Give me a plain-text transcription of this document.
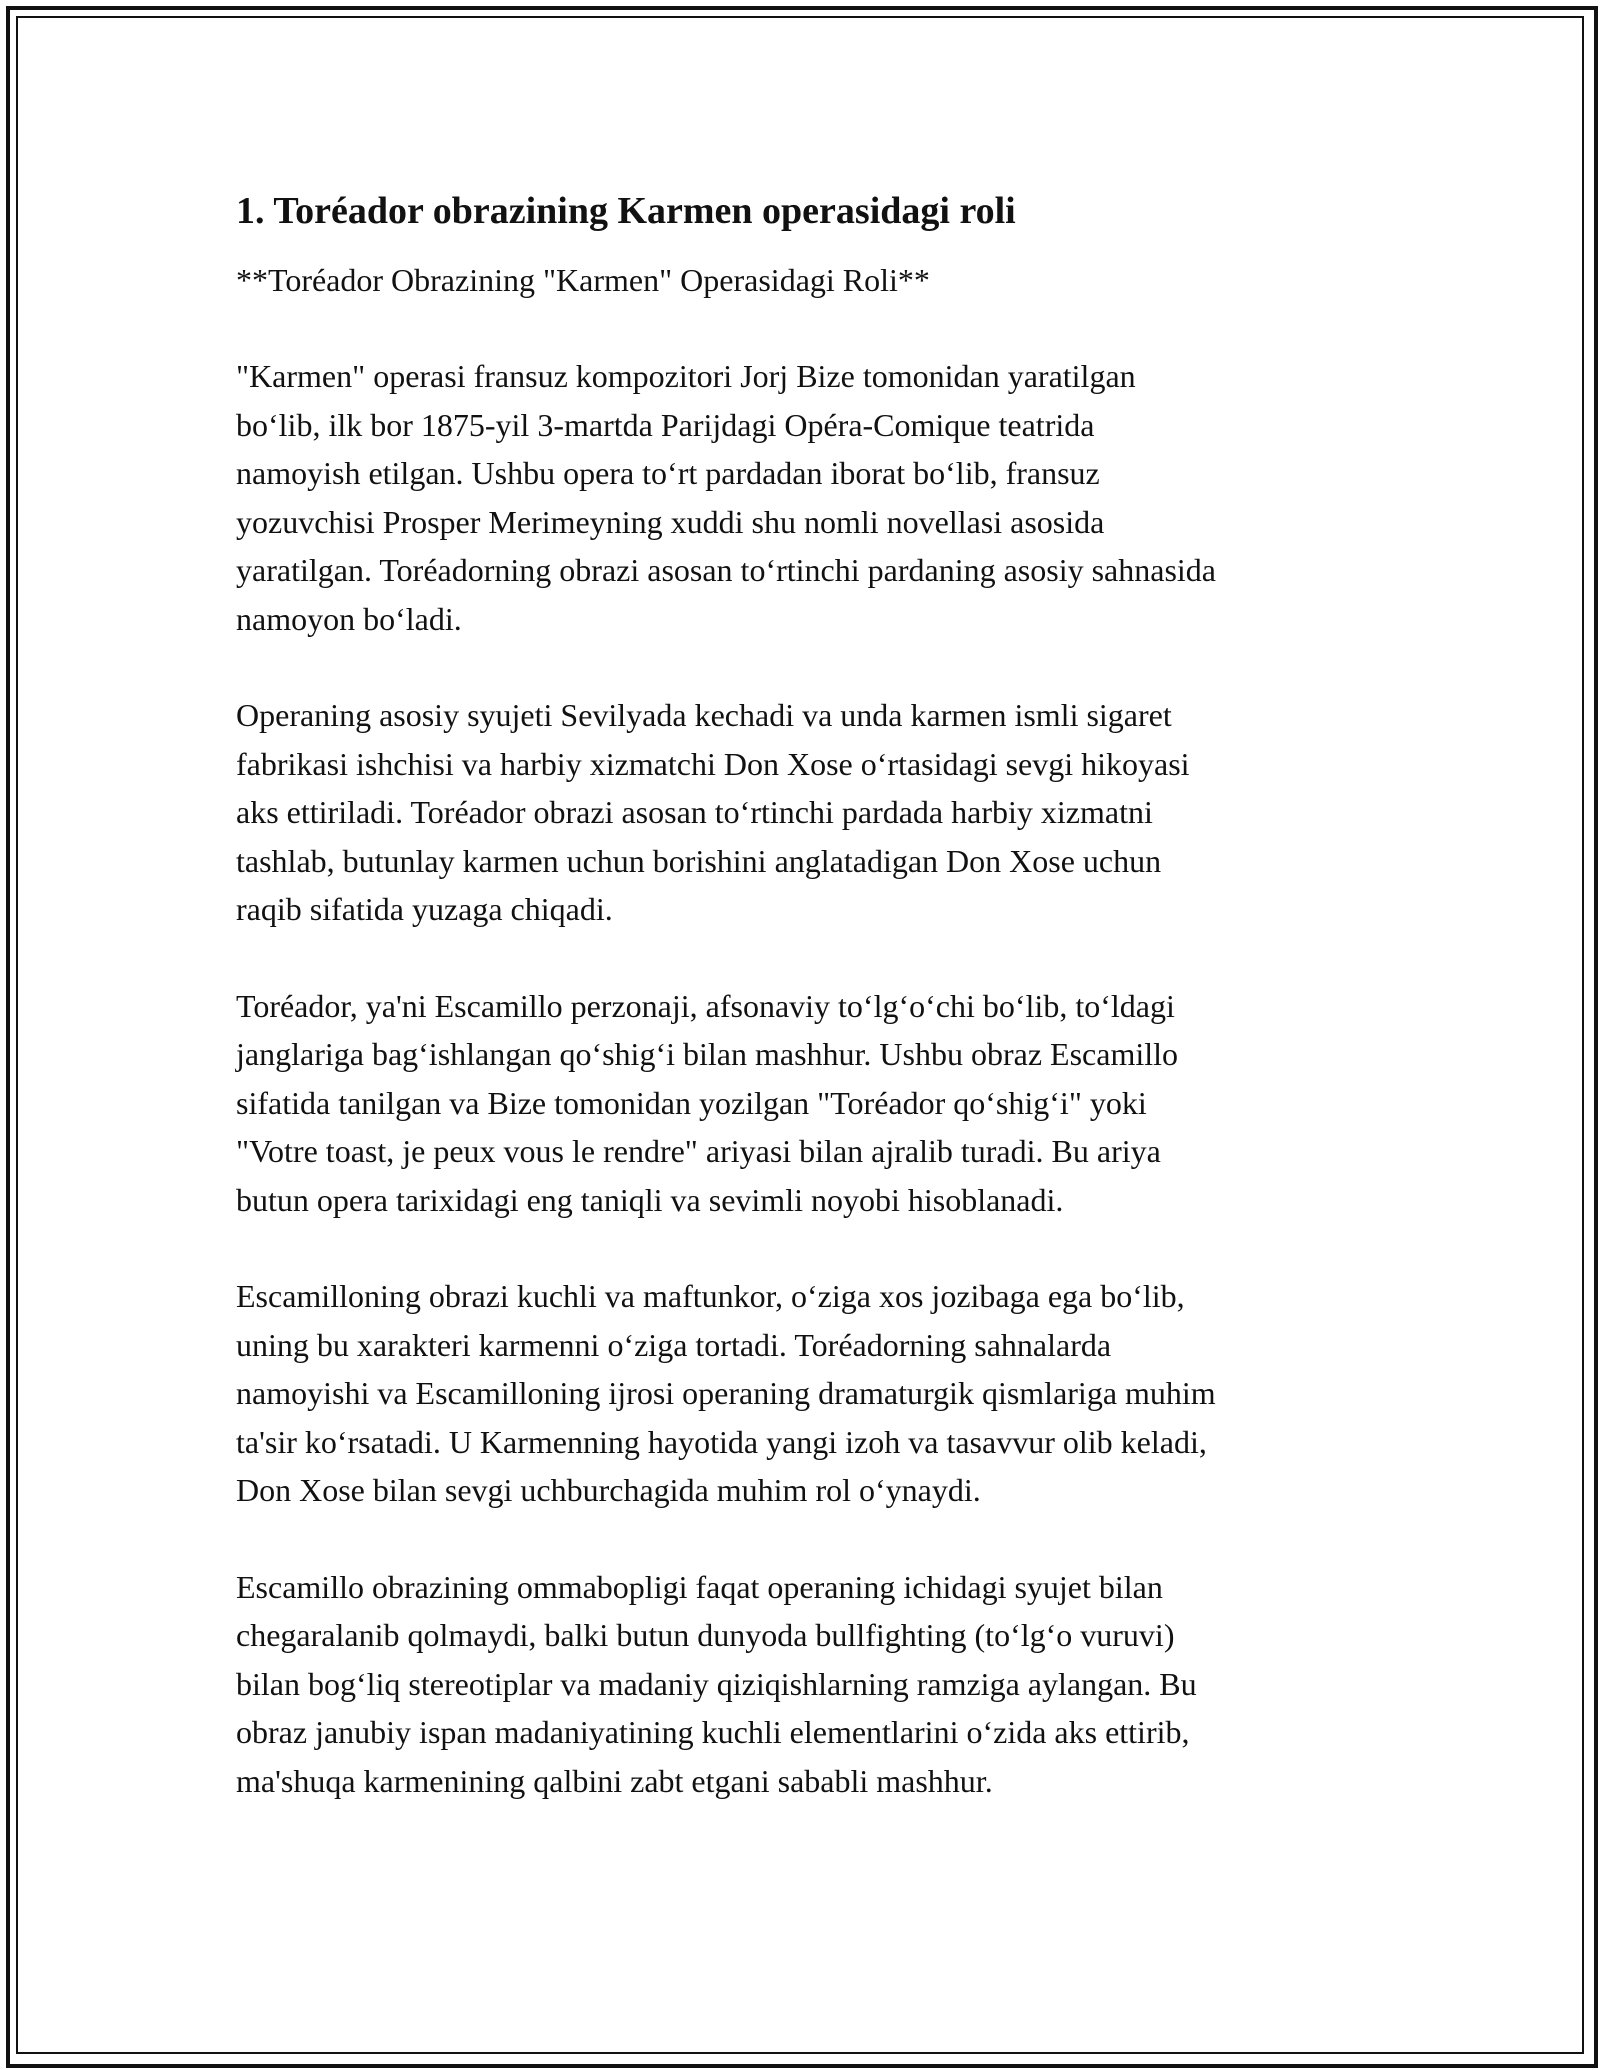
1. Toréador obrazining Karmen operasidagi roli

**Toréador Obrazining "Karmen" Operasidagi Roli**

"Karmen" operasi fransuz kompozitori Jorj Bize tomonidan yaratilgan
bo‘lib, ilk bor 1875-yil 3-martda Parijdagi Opéra-Comique teatrida
namoyish etilgan. Ushbu opera to‘rt pardadan iborat bo‘lib, fransuz
yozuvchisi Prosper Merimeyning xuddi shu nomli novellasi asosida
yaratilgan. Toréadorning obrazi asosan to‘rtinchi pardaning asosiy sahnasida
namoyon bo‘ladi.

Operaning asosiy syujeti Sevilyada kechadi va unda karmen ismli sigaret
fabrikasi ishchisi va harbiy xizmatchi Don Xose o‘rtasidagi sevgi hikoyasi
aks ettiriladi. Toréador obrazi asosan to‘rtinchi pardada harbiy xizmatni
tashlab, butunlay karmen uchun borishini anglatadigan Don Xose uchun
raqib sifatida yuzaga chiqadi.

Toréador, ya'ni Escamillo perzonaji, afsonaviy to‘lg‘o‘chi bo‘lib, to‘ldagi
janglariga bag‘ishlangan qo‘shig‘i bilan mashhur. Ushbu obraz Escamillo
sifatida tanilgan va Bize tomonidan yozilgan "Toréador qo‘shig‘i" yoki
"Votre toast, je peux vous le rendre" ariyasi bilan ajralib turadi. Bu ariya
butun opera tarixidagi eng taniqli va sevimli noyobi hisoblanadi.

Escamilloning obrazi kuchli va maftunkor, o‘ziga xos jozibaga ega bo‘lib,
uning bu xarakteri karmenni o‘ziga tortadi. Toréadorning sahnalarda
namoyishi va Escamilloning ijrosi operaning dramaturgik qismlariga muhim
ta'sir ko‘rsatadi. U Karmenning hayotida yangi izoh va tasavvur olib keladi,
Don Xose bilan sevgi uchburchagida muhim rol o‘ynaydi.

Escamillo obrazining ommabopligi faqat operaning ichidagi syujet bilan
chegaralanib qolmaydi, balki butun dunyoda bullfighting (to‘lg‘o vuruvi)
bilan bog‘liq stereotiplar va madaniy qiziqishlarning ramziga aylangan. Bu
obraz janubiy ispan madaniyatining kuchli elementlarini o‘zida aks ettirib,
ma'shuqa karmenining qalbini zabt etgani sababli mashhur.
